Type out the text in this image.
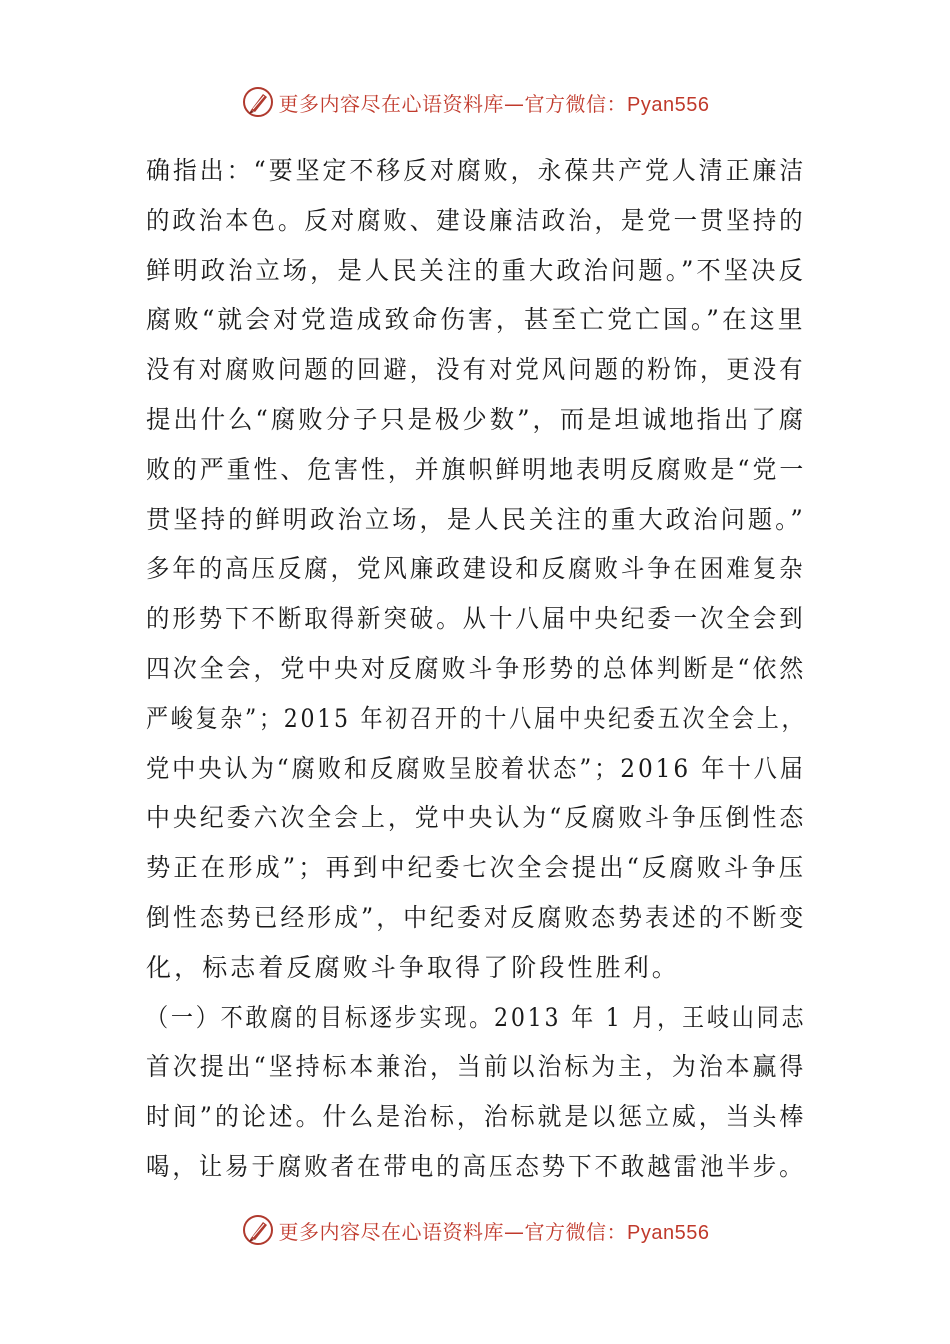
更多内容尽在心语资料库—官方微信：Pyan556
确指出：“要坚定不移反对腐败，永葆共产党人清正廉洁
的政治本色。反对腐败、建设廉洁政治，是党一贯坚持的
鲜明政治立场，是人民关注的重大政治问题。”不坚决反
腐败“就会对党造成致命伤害，甚至亡党亡国。”在这里
没有对腐败问题的回避，没有对党风问题的粉饰，更没有
提出什么“腐败分子只是极少数”，而是坦诚地指出了腐
败的严重性、危害性，并旗帜鲜明地表明反腐败是“党一
贯坚持的鲜明政治立场，是人民关注的重大政治问题。”
多年的高压反腐，党风廉政建设和反腐败斗争在困难复杂
的形势下不断取得新突破。从十八届中央纪委一次全会到
四次全会，党中央对反腐败斗争形势的总体判断是“依然
严峻复杂”；2015 年初召开的十八届中央纪委五次全会上，
党中央认为“腐败和反腐败呈胶着状态”；2016 年十八届
中央纪委六次全会上，党中央认为“反腐败斗争压倒性态
势正在形成”；再到中纪委七次全会提出“反腐败斗争压
倒性态势已经形成”，中纪委对反腐败态势表述的不断变
化，标志着反腐败斗争取得了阶段性胜利。
（一）不敢腐的目标逐步实现。2013 年 1 月，王岐山同志
首次提出“坚持标本兼治，当前以治标为主，为治本赢得
时间”的论述。什么是治标，治标就是以惩立威，当头棒
喝，让易于腐败者在带电的高压态势下不敢越雷池半步。
更多内容尽在心语资料库—官方微信：Pyan556
